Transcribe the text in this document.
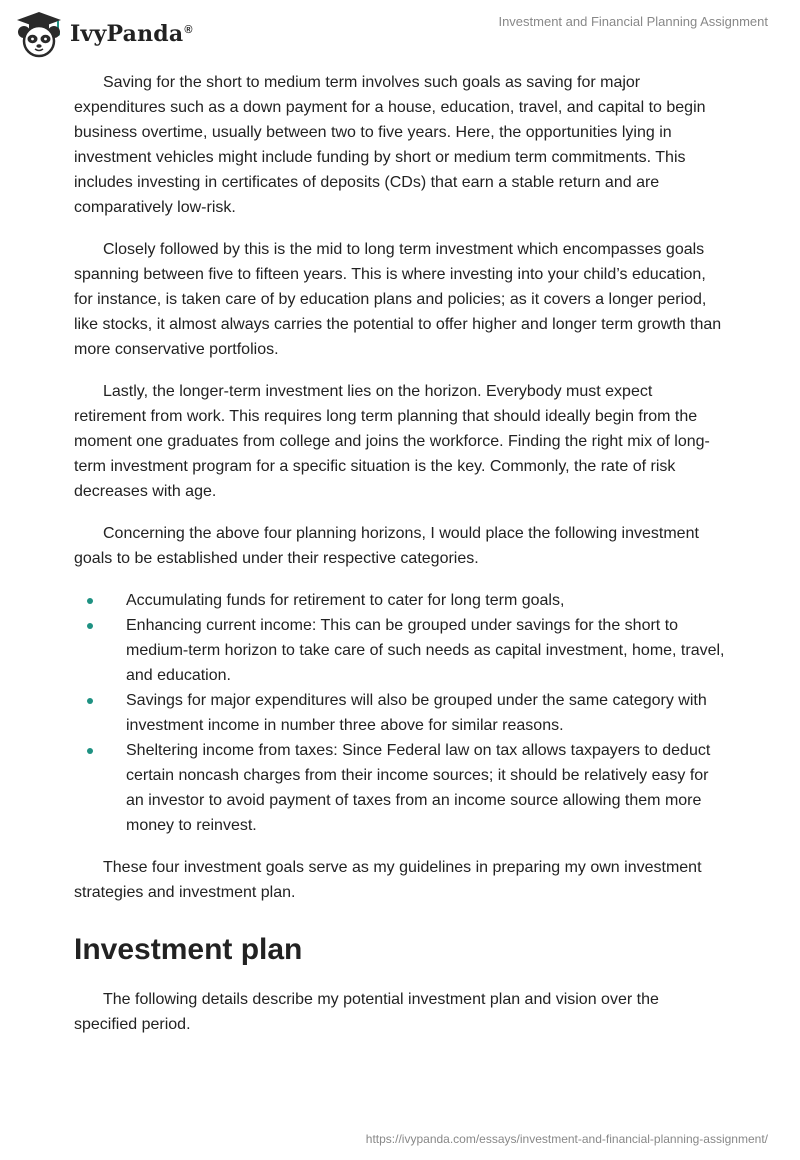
IvyPanda®
Investment and Financial Planning Assignment

Saving for the short to medium term involves such goals as saving for major expenditures such as a down payment for a house, education, travel, and capital to begin business overtime, usually between two to five years. Here, the opportunities lying in investment vehicles might include funding by short or medium term commitments. This includes investing in certificates of deposits (CDs) that earn a stable return and are comparatively low-risk.

Closely followed by this is the mid to long term investment which encompasses goals spanning between five to fifteen years. This is where investing into your child’s education, for instance, is taken care of by education plans and policies; as it covers a longer period, like stocks, it almost always carries the potential to offer higher and longer term growth than more conservative portfolios.

Lastly, the longer-term investment lies on the horizon. Everybody must expect retirement from work. This requires long term planning that should ideally begin from the moment one graduates from college and joins the workforce. Finding the right mix of long-term investment program for a specific situation is the key. Commonly, the rate of risk decreases with age.

Concerning the above four planning horizons, I would place the following investment goals to be established under their respective categories.

Accumulating funds for retirement to cater for long term goals,
Enhancing current income: This can be grouped under savings for the short to medium-term horizon to take care of such needs as capital investment, home, travel, and education.
Savings for major expenditures will also be grouped under the same category with investment income in number three above for similar reasons.
Sheltering income from taxes: Since Federal law on tax allows taxpayers to deduct certain noncash charges from their income sources; it should be relatively easy for an investor to avoid payment of taxes from an income source allowing them more money to reinvest.

These four investment goals serve as my guidelines in preparing my own investment strategies and investment plan.

Investment plan

The following details describe my potential investment plan and vision over the specified period.

https://ivypanda.com/essays/investment-and-financial-planning-assignment/
